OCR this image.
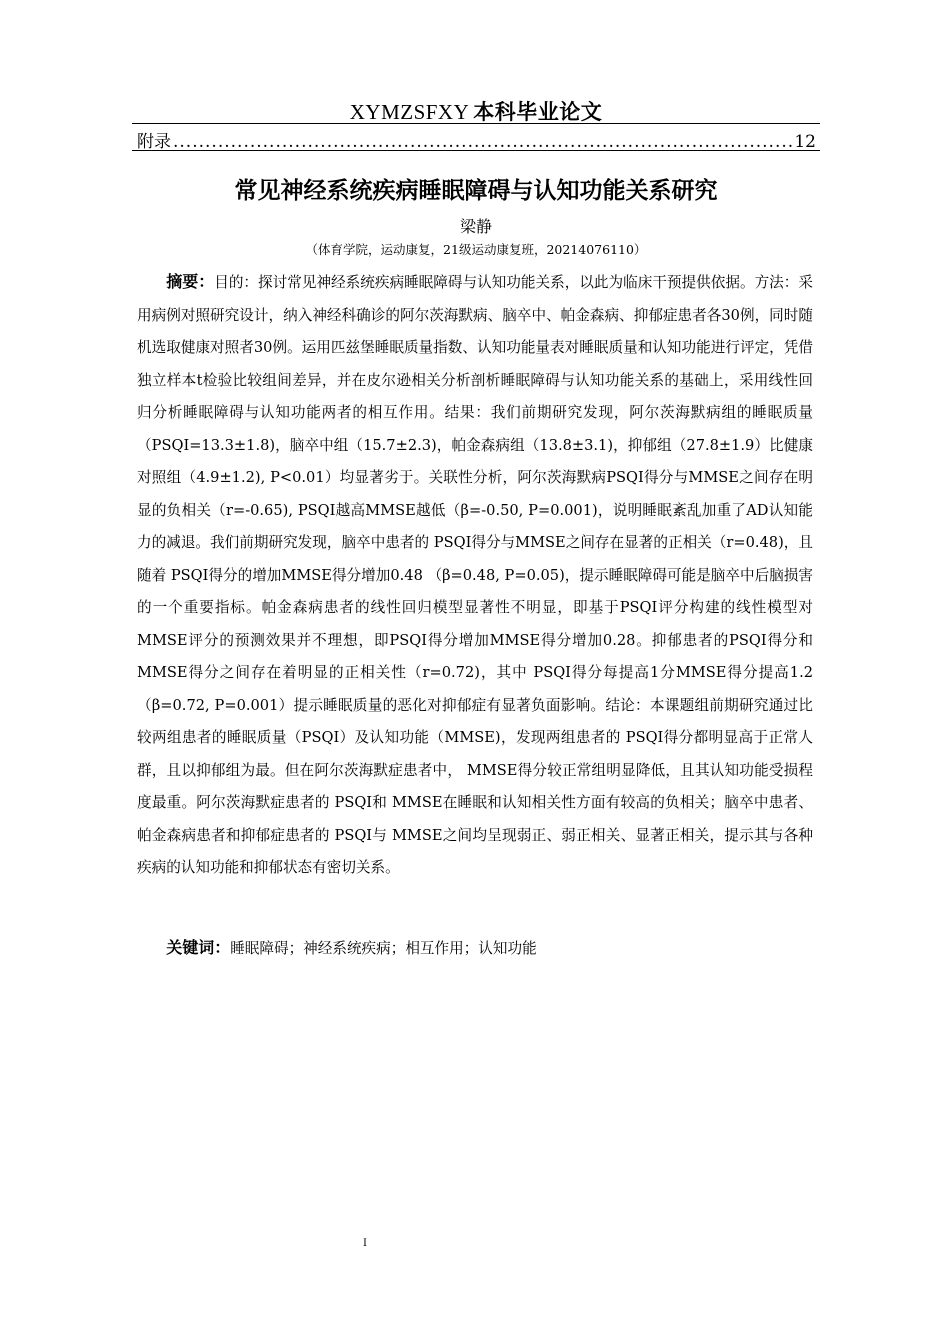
XYMZSFXY 本科毕业论文
附录
.....	12
常见神经系统疾病睡眠障碍与认知功能关系研究
梁静
（体育学院，运动康复，21级运动康复班，20214076110）

摘要：目的：探讨常见神经系统疾病睡眠障碍与认知功能关系，以此为临床干预提供依据。方法：采用病例对照研究设计，纳入神经科确诊的阿尔茨海默病、脑卒中、帕金森病、抑郁症患者各30例，同时随机选取健康对照者30例。运用匹兹堡睡眠质量指数、认知功能量表对睡眠质量和认知功能进行评定，凭借独立样本t检验比较组间差异，并在皮尔逊相关分析剖析睡眠障碍与认知功能关系的基础上，采用线性回归分析睡眠障碍与认知功能两者的相互作用。结果：我们前期研究发现，阿尔茨海默病组的睡眠质量（PSQI=13.3±1.8)，脑卒中组（15.7±2.3)，帕金森病组（13.8±3.1)，抑郁组（27.8±1.9）比健康对照组（4.9±1.2), P<0.01）均显著劣于。关联性分析，阿尔茨海默病PSQI得分与MMSE之间存在明显的负相关（r=-0.65), PSQI越高MMSE越低（β=-0.50, P=0.001)，说明睡眠紊乱加重了AD认知能力的减退。我们前期研究发现，脑卒中患者的 PSQI得分与MMSE之间存在显著的正相关（r=0.48)，且随着 PSQI得分的增加MMSE得分增加0.48 （β=0.48, P=0.05)，提示睡眠障碍可能是脑卒中后脑损害的一个重要指标。帕金森病患者的线性回归模型显著性不明显，即基于PSQI评分构建的线性模型对MMSE评分的预测效果并不理想，即PSQI得分增加MMSE得分增加0.28。抑郁患者的PSQI得分和MMSE得分之间存在着明显的正相关性（r=0.72)，其中 PSQI得分每提高1分MMSE得分提高1.2 （β=0.72, P=0.001）提示睡眠质量的恶化对抑郁症有显著负面影响。结论：本课题组前期研究通过比较两组患者的睡眠质量（PSQI）及认知功能（MMSE)，发现两组患者的 PSQI得分都明显高于正常人群，且以抑郁组为最。但在阿尔茨海默症患者中， MMSE得分较正常组明显降低，且其认知功能受损程度最重。阿尔茨海默症患者的 PSQI和 MMSE在睡眠和认知相关性方面有较高的负相关；脑卒中患者、帕金森病患者和抑郁症患者的 PSQI与 MMSE之间均呈现弱正、弱正相关、显著正相关，提示其与各种疾病的认知功能和抑郁状态有密切关系。

关键词：睡眠障碍；神经系统疾病；相互作用；认知功能

I
